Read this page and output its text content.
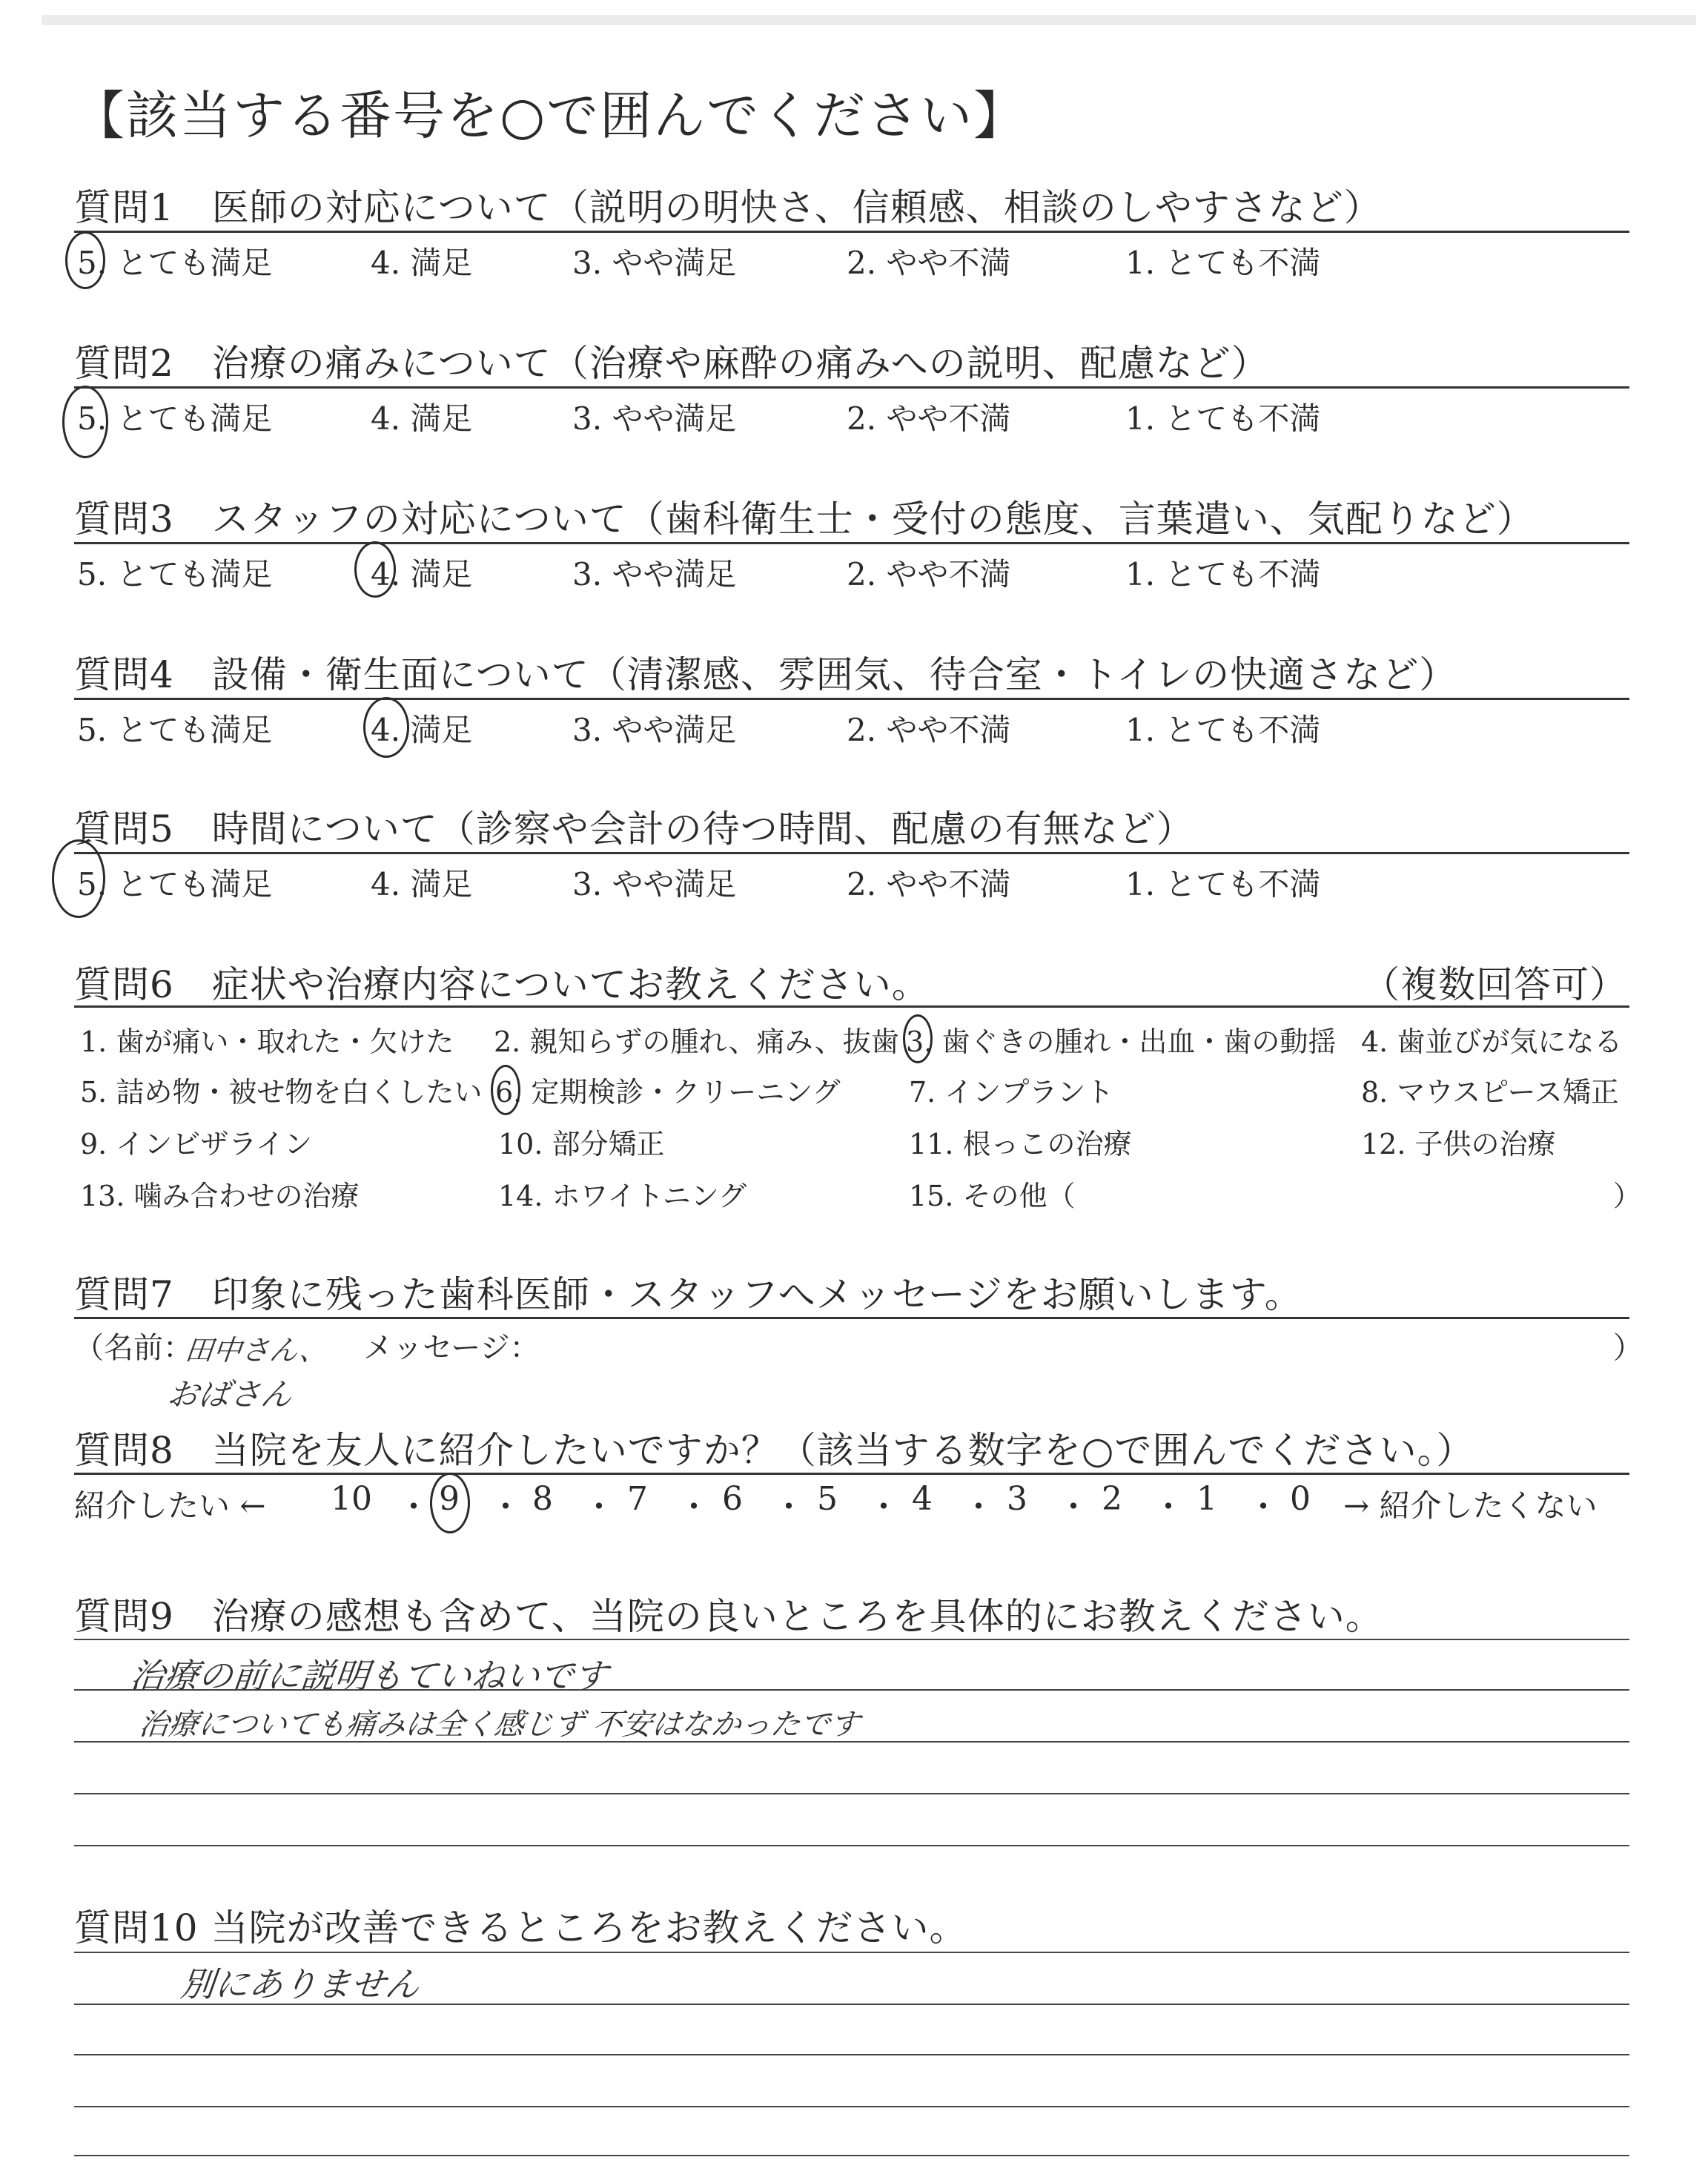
【該当する番号を○で囲んでください】
質問1　医師の対応について（説明の明快さ、信頼感、相談のしやすさなど）
5. とても満足	4. 満足	3. やや満足	2. やや不満	1. とても不満
質問2　治療の痛みについて（治療や麻酔の痛みへの説明、配慮など）
5. とても満足	4. 満足	3. やや満足	2. やや不満	1. とても不満
質問3　スタッフの対応について（歯科衛生士・受付の態度、言葉遣い、気配りなど）
5. とても満足	4. 満足	3. やや満足	2. やや不満	1. とても不満
質問4　設備・衛生面について（清潔感、雰囲気、待合室・トイレの快適さなど）
5. とても満足	4. 満足	3. やや満足	2. やや不満	1. とても不満
質問5　時間について（診察や会計の待つ時間、配慮の有無など）
5. とても満足	4. 満足	3. やや満足	2. やや不満	1. とても不満
質問6　症状や治療内容についてお教えください。	（複数回答可）
1. 歯が痛い・取れた・欠けた 2. 親知らずの腫れ、痛み、抜歯 3. 歯ぐきの腫れ・出血・歯の動揺 4. 歯並びが気になる
5. 詰め物・被せ物を白くしたい 6. 定期検診・クリーニング 7. インプラント	8. マウスピース矯正
9. インビザライン	10. 部分矯正	11. 根っこの治療	12. 子供の治療
13. 噛み合わせの治療	14. ホワイトニング	15. その他（	）
質問7　印象に残った歯科医師・スタッフへメッセージをお願いします。
（名前：
田中さん、 メッセージ：	）
おばさん
質問8　当院を友人に紹介したいですか？（該当する数字を○で囲んでください。）
紹介したい ← 10 ・ 9 ・ 8 ・ 7 ・ 6 ・ 5 ・ 4 ・ 3 ・ 2 ・ 1 ・ 0 → 紹介したくない
質問9　治療の感想も含めて、当院の良いところを具体的にお教えください。
治療の前に説明もていねいです
治療についても痛みは全く感じず 不安はなかったです
質問10 当院が改善できるところをお教えください。
別にありません
